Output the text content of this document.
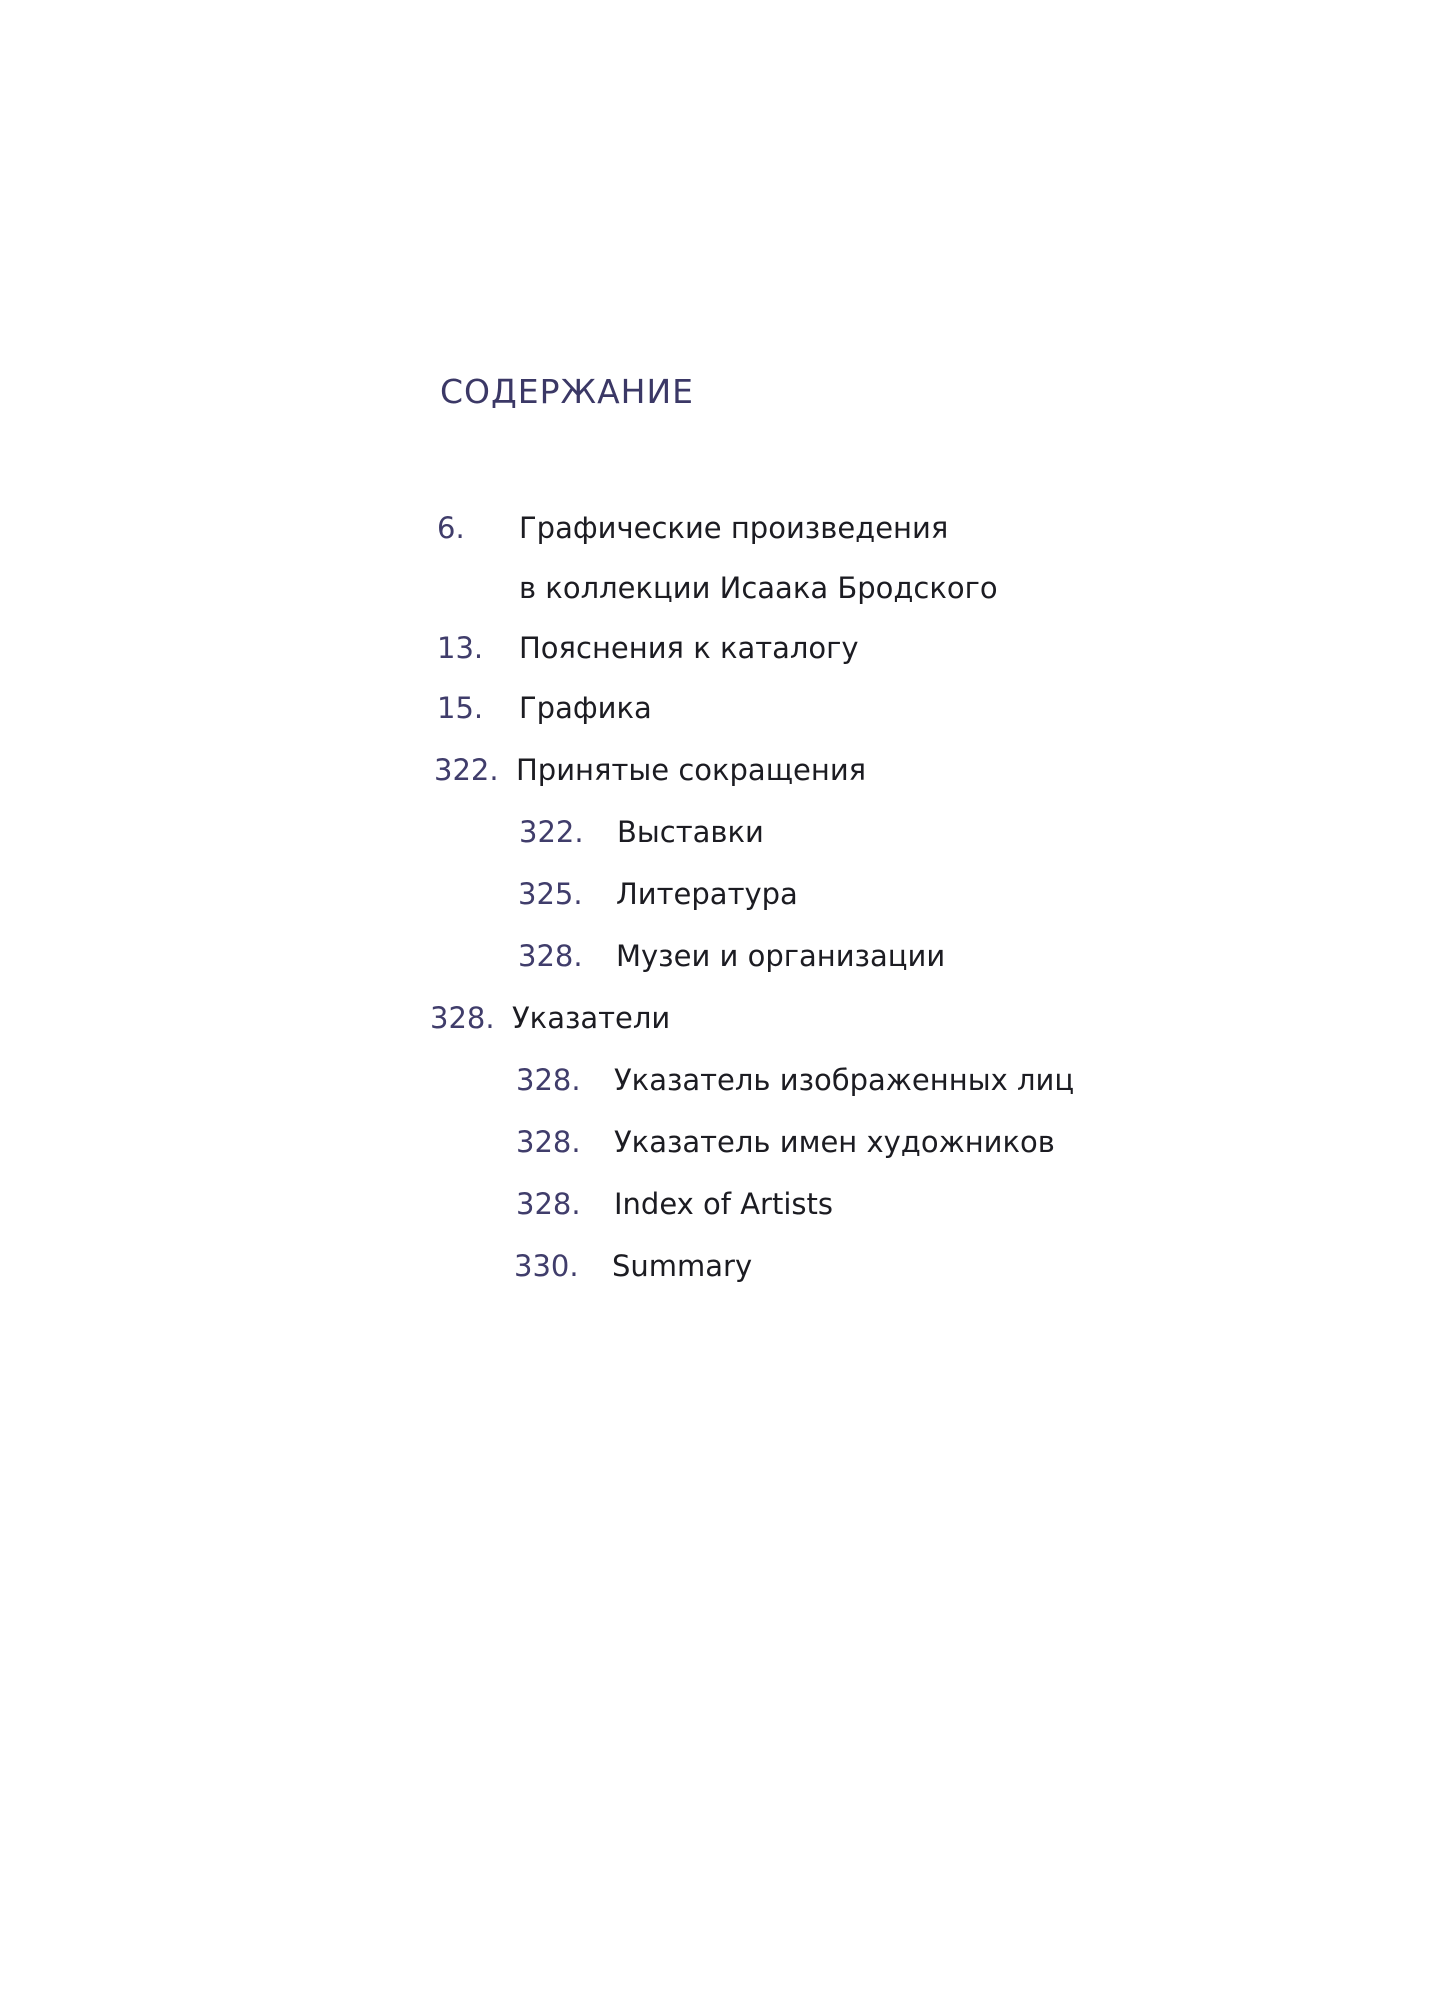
СОДЕРЖАНИЕ
6. Графические произведения
в коллекции Исаака Бродского
13. Пояснения к каталогу
15. Графика
322. Принятые сокращения
322. Выставки
325. Литература
328. Музеи и организации
328. Указатели
328. Указатель изображенных лиц
328. Указатель имен художников
328. Index of Artists
330. Summary
